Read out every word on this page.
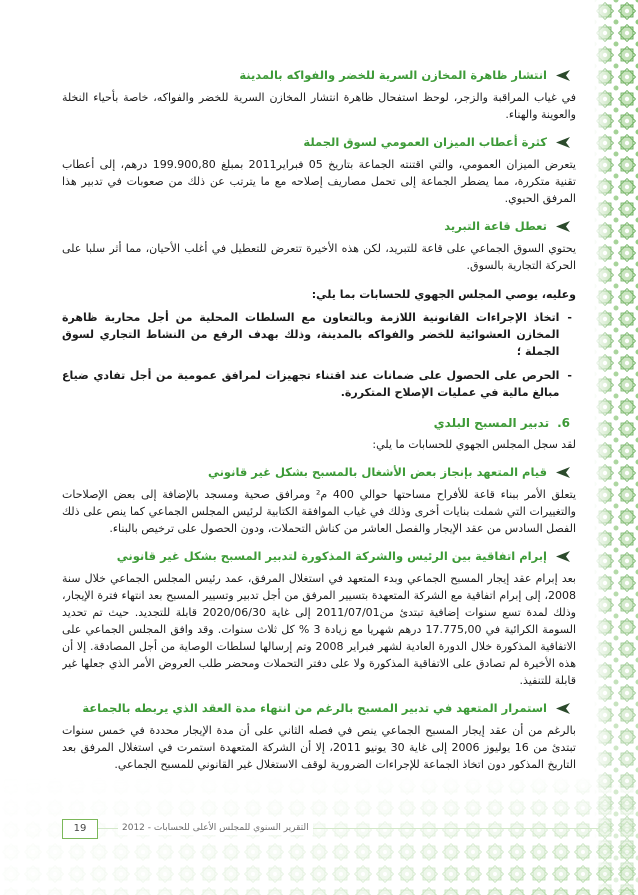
انتشار ظاهرة المخازن السرية للخضر والفواكه بالمدينة

في غياب المراقبة والزجر، لوحظ استفحال ظاهرة انتشار المخازن السرية للخضر والفواكه، خاصة بأحياء النخلة والعوينة والهناء.

كثرة أعطاب الميزان العمومي لسوق الجملة

يتعرض الميزان العمومي، والتي اقتنته الجماعة بتاريخ 05 فبراير2011 بمبلغ 199.900,80 درهم، إلى أعطاب تقنية متكررة، مما يضطر الجماعة إلى تحمل مصاريف إصلاحه مع ما يترتب عن ذلك من صعوبات في تدبير هذا المرفق الحيوي.

تعطل قاعة التبريد

يحتوي السوق الجماعي على قاعة للتبريد، لكن هذه الأخيرة تتعرض للتعطيل في أغلب الأحيان، مما أثر سلبا على الحركة التجارية بالسوق.

وعليه، يوصي المجلس الجهوي للحسابات بما يلي:
-
اتخاذ الإجراءات القانونية اللازمة وبالتعاون مع السلطات المحلية من أجل محاربة ظاهرة المخازن العشوائية للخضر والفواكه بالمدينة، وذلك بهدف الرفع من النشاط التجاري لسوق الجملة ؛
-
الحرص على الحصول على ضمانات عند اقتناء تجهيزات لمرافق عمومية من أجل تفادي ضياع مبالغ مالية في عمليات الإصلاح المتكررة.
6.
تدبير المسبح البلدي

لقد سجل المجلس الجهوي للحسابات ما يلي:

قيام المتعهد بإنجاز بعض الأشغال بالمسبح بشكل غير قانوني

يتعلق الأمر ببناء قاعة للأفراح مساحتها حوالي 400 م² ومرافق صحية ومسجد بالإضافة إلى بعض الإصلاحات والتغييرات التي شملت بنايات أخرى وذلك في غياب الموافقة الكتابية لرئيس المجلس الجماعي كما ينص على ذلك الفصل السادس من عقد الإيجار والفصل العاشر من كناش التحملات، ودون الحصول على ترخيص بالبناء.

إبرام اتفاقية بين الرئيس والشركة المذكورة لتدبير المسبح بشكل غير قانوني

بعد إبرام عقد إيجار المسبح الجماعي وبدء المتعهد في استغلال المرفق، عمد رئيس المجلس الجماعي خلال سنة 2008، إلى إبرام اتفاقية مع الشركة المتعهدة بتسيير المرفق من أجل تدبير وتسيير المسبح بعد انتهاء فترة الإيجار، وذلك لمدة تسع سنوات إضافية تبتدئ من2011/07/01 إلى غاية 2020/06/30 قابلة للتجديد. حيث تم تحديد السومة الكرائية في 17.775,00 درهم شهريا مع زيادة 3 % كل ثلاث سنوات. وقد وافق المجلس الجماعي على الاتفاقية المذكورة خلال الدورة العادية لشهر فبراير 2008 وتم إرسالها لسلطات الوصاية من أجل المصادقة. إلا أن هذه الأخيرة لم تصادق على الاتفاقية المذكورة ولا على دفتر التحملات ومحضر طلب العروض الأمر الذي جعلها غير قابلة للتنفيذ.

استمرار المتعهد في تدبير المسبح بالرغم من انتهاء مدة العقد الذي يربطه بالجماعة

بالرغم من أن عقد إيجار المسبح الجماعي ينص في فصله الثاني على أن مدة الإيجار محددة في خمس سنوات تبتدئ من 16 يوليوز 2006 إلى غاية 30 يونيو 2011، إلا أن الشركة المتعهدة استمرت في استغلال المرفق بعد التاريخ المذكور دون اتخاذ الجماعة للإجراءات الضرورية لوقف الاستغلال غير القانوني للمسبح الجماعي.

19	التقرير السنوي للمجلس الأعلى للحسابات - 2012
